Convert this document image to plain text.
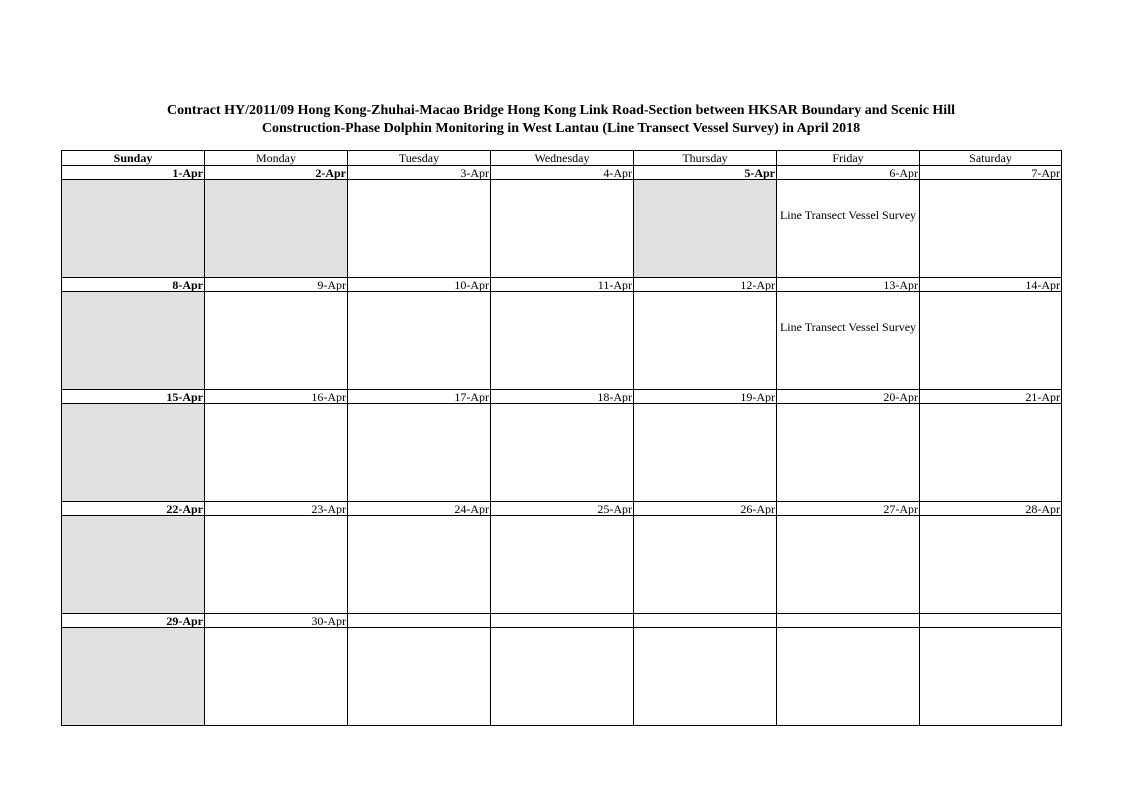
Contract HY/2011/09 Hong Kong-Zhuhai-Macao Bridge Hong Kong Link Road-Section between HKSAR Boundary and Scenic Hill
Construction-Phase Dolphin Monitoring in West Lantau (Line Transect Vessel Survey) in April 2018
Sunday	Monday	Tuesday	Wednesday	Thursday	Friday	Saturday
1-Apr	2-Apr	3-Apr	4-Apr	5-Apr	6-Apr	7-Apr

					Line Transect Vessel Survey	

8-Apr	9-Apr	10-Apr	11-Apr	12-Apr	13-Apr	14-Apr

					Line Transect Vessel Survey	

15-Apr	16-Apr	17-Apr	18-Apr	19-Apr	20-Apr	21-Apr

22-Apr	23-Apr	24-Apr	25-Apr	26-Apr	27-Apr	28-Apr

29-Apr	30-Apr					
